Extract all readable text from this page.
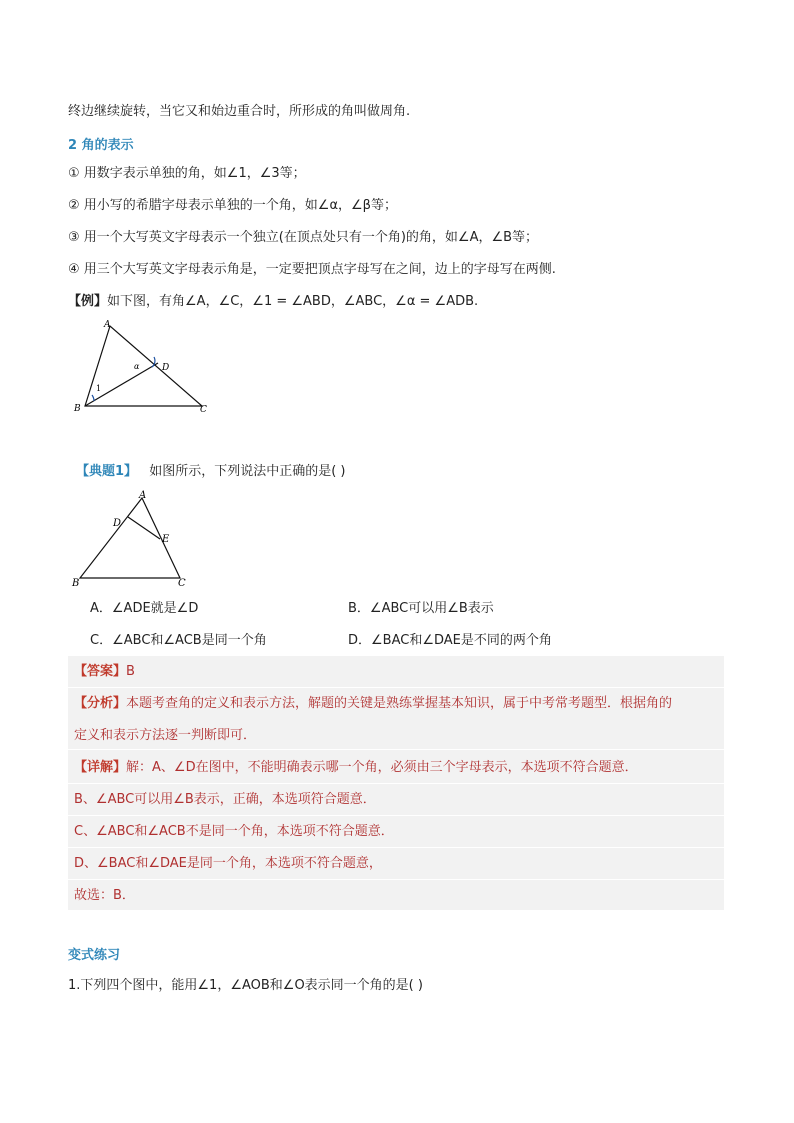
终边继续旋转，当它又和始边重合时，所形成的角叫做周角.
2 角的表示
① 用数字表示单独的角，如∠1，∠3等；
② 用小写的希腊字母表示单独的一个角，如∠α，∠β等；
③ 用一个大写英文字母表示一个独立(在顶点处只有一个角)的角，如∠A，∠B等；
④ 用三个大写英文字母表示角是，一定要把顶点字母写在之间，边上的字母写在两侧.
【例】如下图，有角∠A，∠C，∠1 = ∠ABD，∠ABC，∠α = ∠ADB.
A
B	C
D
α
1
【典题1】 如图所示，下列说法中正确的是( )
A
B	C
D
E
A．∠ADE就是∠D	B．∠ABC可以用∠B表示
C．∠ABC和∠ACB是同一个角	D．∠BAC和∠DAE是不同的两个角
【答案】B
【分析】本题考查角的定义和表示方法，解题的关键是熟练掌握基本知识，属于中考常考题型．根据角的
定义和表示方法逐一判断即可．
【详解】解：A、∠D在图中，不能明确表示哪一个角，必须由三个字母表示，本选项不符合题意．
B、∠ABC可以用∠B表示，正确，本选项符合题意．
C、∠ABC和∠ACB不是同一个角，本选项不符合题意．
D、∠BAC和∠DAE是同一个角，本选项不符合题意，
故选：B．
变式练习
1.下列四个图中，能用∠1，∠AOB和∠O表示同一个角的是( )
